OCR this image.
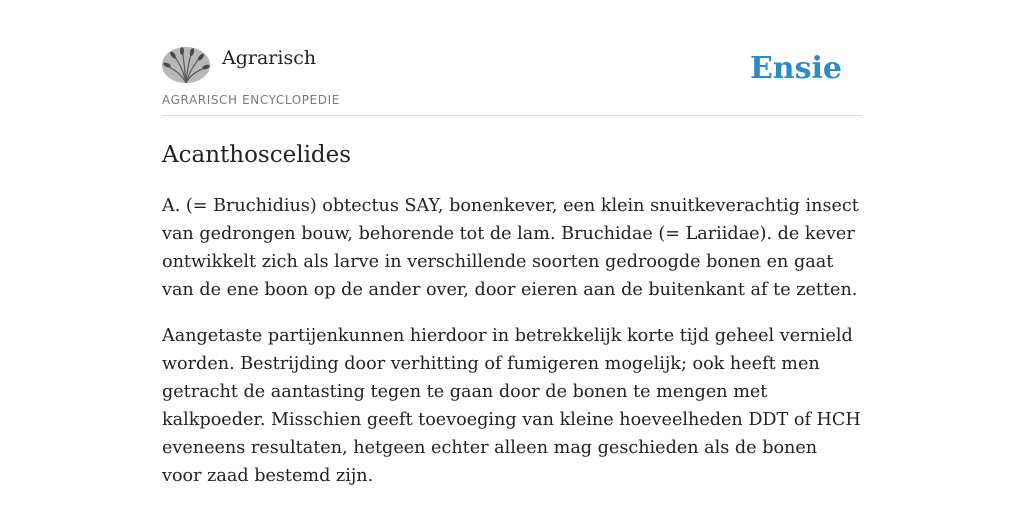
Agrarisch

AGRARISCH ENCYCLOPEDIE
Ensie
Acanthoscelides

A. (= Bruchidius) obtectus SAY, bonenkever, een klein snuitkeverachtig insect van gedrongen bouw, behorende tot de lam. Bruchidae (= Lariidae). de kever ontwikkelt zich als larve in verschillende soorten gedroogde bonen en gaat van de ene boon op de ander over, door eieren aan de buitenkant af te zetten.

Aangetaste partijenkunnen hierdoor in betrekkelijk korte tijd geheel vernield worden. Bestrijding door verhitting of fumigeren mogelijk; ook heeft men getracht de aantasting tegen te gaan door de bonen te mengen met kalkpoeder. Misschien geeft toevoeging van kleine hoeveelheden DDT of HCH eveneens resultaten, hetgeen echter alleen mag geschieden als de bonen voor zaad bestemd zijn.
